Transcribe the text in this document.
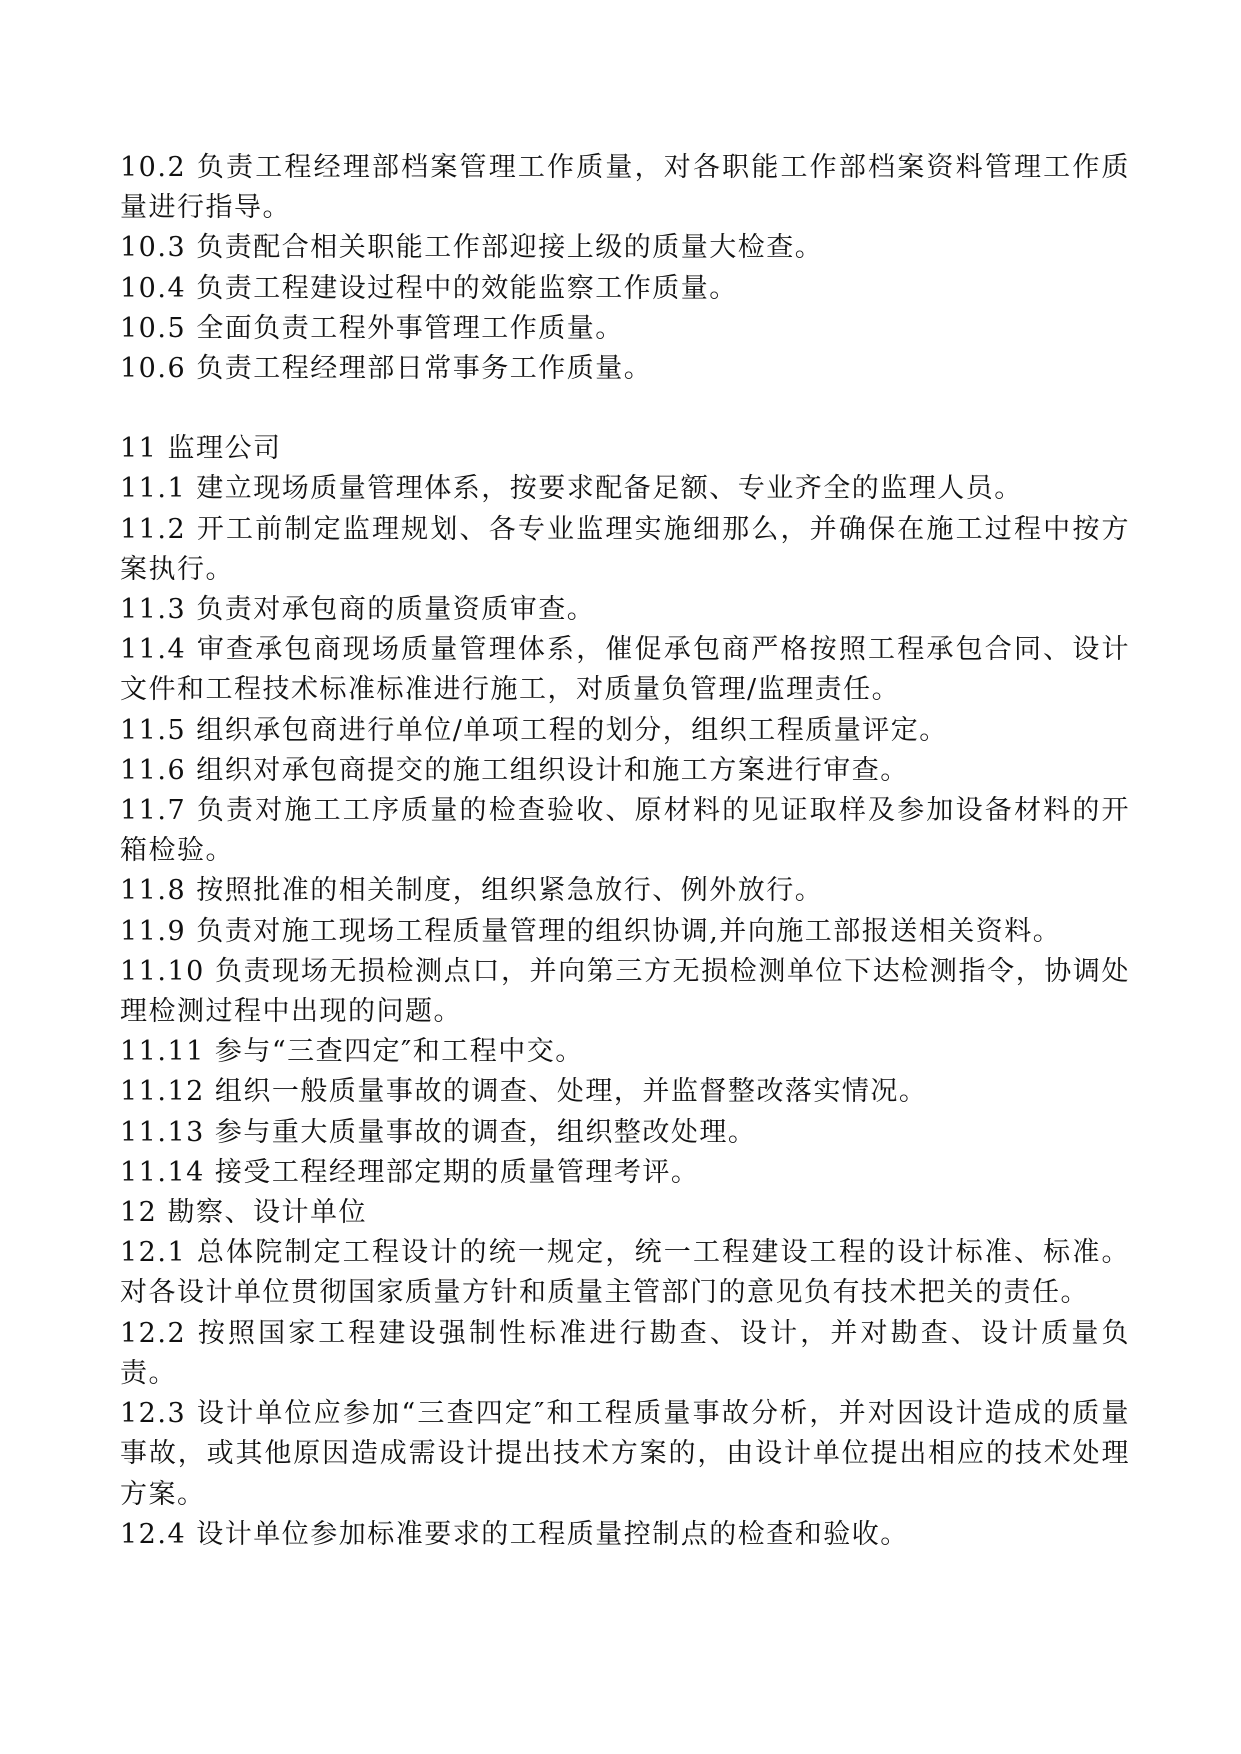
10.2 负责工程经理部档案管理工作质量，对各职能工作部档案资料管理工作质量进行指导。

10.3 负责配合相关职能工作部迎接上级的质量大检查。

10.4 负责工程建设过程中的效能监察工作质量。

10.5 全面负责工程外事管理工作质量。

10.6 负责工程经理部日常事务工作质量。

11 监理公司

11.1 建立现场质量管理体系，按要求配备足额、专业齐全的监理人员。

11.2 开工前制定监理规划、各专业监理实施细那么，并确保在施工过程中按方案执行。

11.3 负责对承包商的质量资质审查。

11.4 审查承包商现场质量管理体系，催促承包商严格按照工程承包合同、设计文件和工程技术标准标准进行施工，对质量负管理/监理责任。

11.5 组织承包商进行单位/单项工程的划分，组织工程质量评定。

11.6 组织对承包商提交的施工组织设计和施工方案进行审查。

11.7 负责对施工工序质量的检查验收、原材料的见证取样及参加设备材料的开箱检验。

11.8 按照批准的相关制度，组织紧急放行、例外放行。

11.9 负责对施工现场工程质量管理的组织协调,并向施工部报送相关资料。

11.10 负责现场无损检测点口，并向第三方无损检测单位下达检测指令，协调处理检测过程中出现的问题。

11.11 参与“三查四定″和工程中交。

11.12 组织一般质量事故的调查、处理，并监督整改落实情况。

11.13 参与重大质量事故的调查，组织整改处理。

11.14 接受工程经理部定期的质量管理考评。

12 勘察、设计单位

12.1 总体院制定工程设计的统一规定，统一工程建设工程的设计标准、标准。对各设计单位贯彻国家质量方针和质量主管部门的意见负有技术把关的责任。

12.2 按照国家工程建设强制性标准进行勘查、设计，并对勘查、设计质量负责。

12.3 设计单位应参加“三查四定″和工程质量事故分析，并对因设计造成的质量事故，或其他原因造成需设计提出技术方案的，由设计单位提出相应的技术处理方案。

12.4 设计单位参加标准要求的工程质量控制点的检查和验收。
